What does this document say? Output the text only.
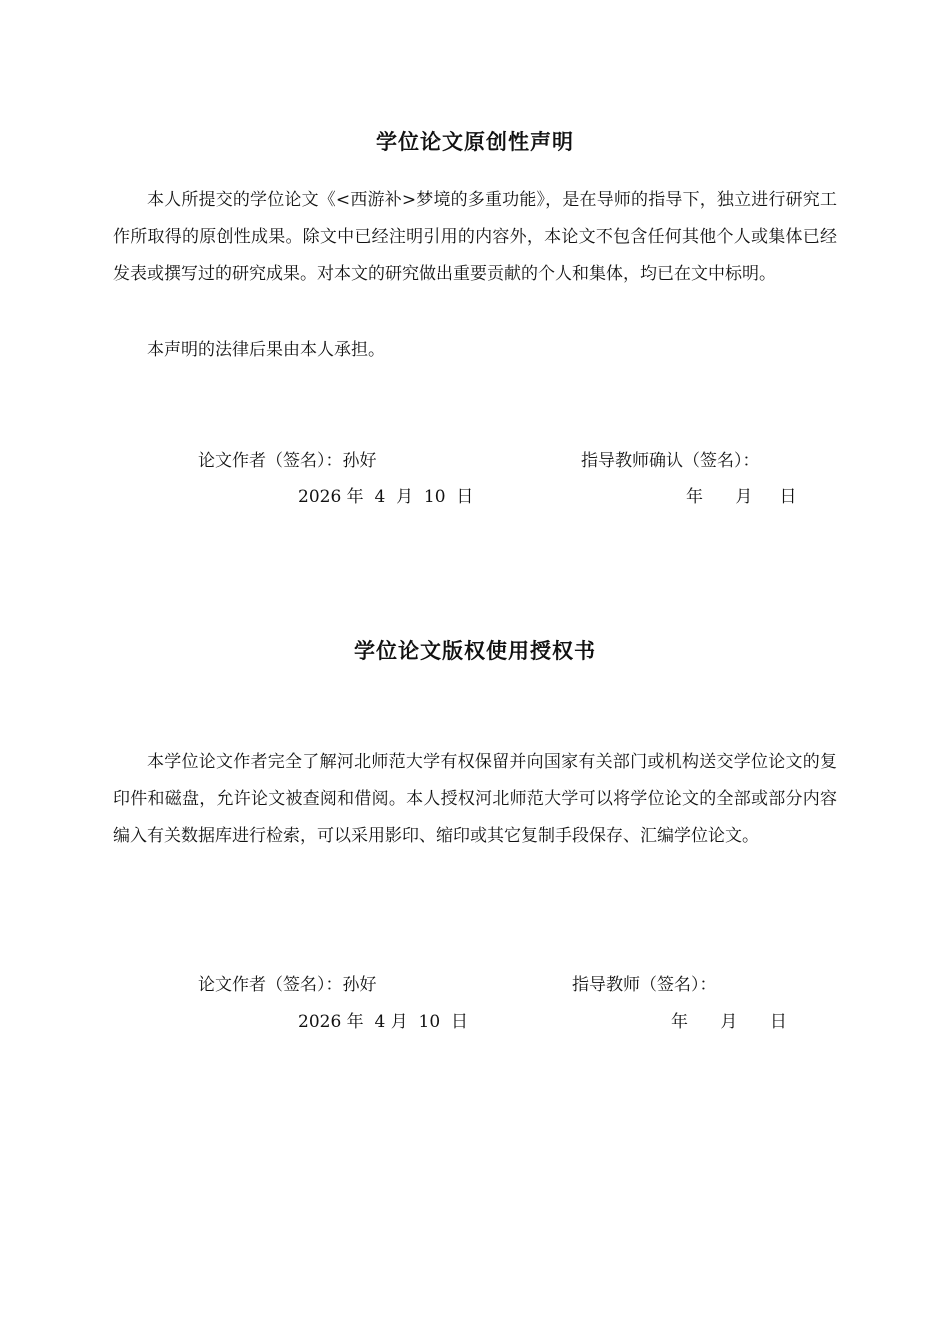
学位论文原创性声明

本人所提交的学位论文《<西游补>梦境的多重功能》，是在导师的指导下，独立进行研究工作所取得的原创性成果。除文中已经注明引用的内容外，本论文不包含任何其他个人或集体已经发表或撰写过的研究成果。对本文的研究做出重要贡献的个人和集体，均已在文中标明。

本声明的法律后果由本人承担。

论文作者（签名）：孙好	指导教师确认（签名）：
2026 年  4  月  10  日	年      月     日
学位论文版权使用授权书

本学位论文作者完全了解河北师范大学有权保留并向国家有关部门或机构送交学位论文的复印件和磁盘，允许论文被查阅和借阅。本人授权河北师范大学可以将学位论文的全部或部分内容编入有关数据库进行检索，可以采用影印、缩印或其它复制手段保存、汇编学位论文。

论文作者（签名）：孙好	指导教师（签名）：
2026 年  4 月  10  日	年      月      日
